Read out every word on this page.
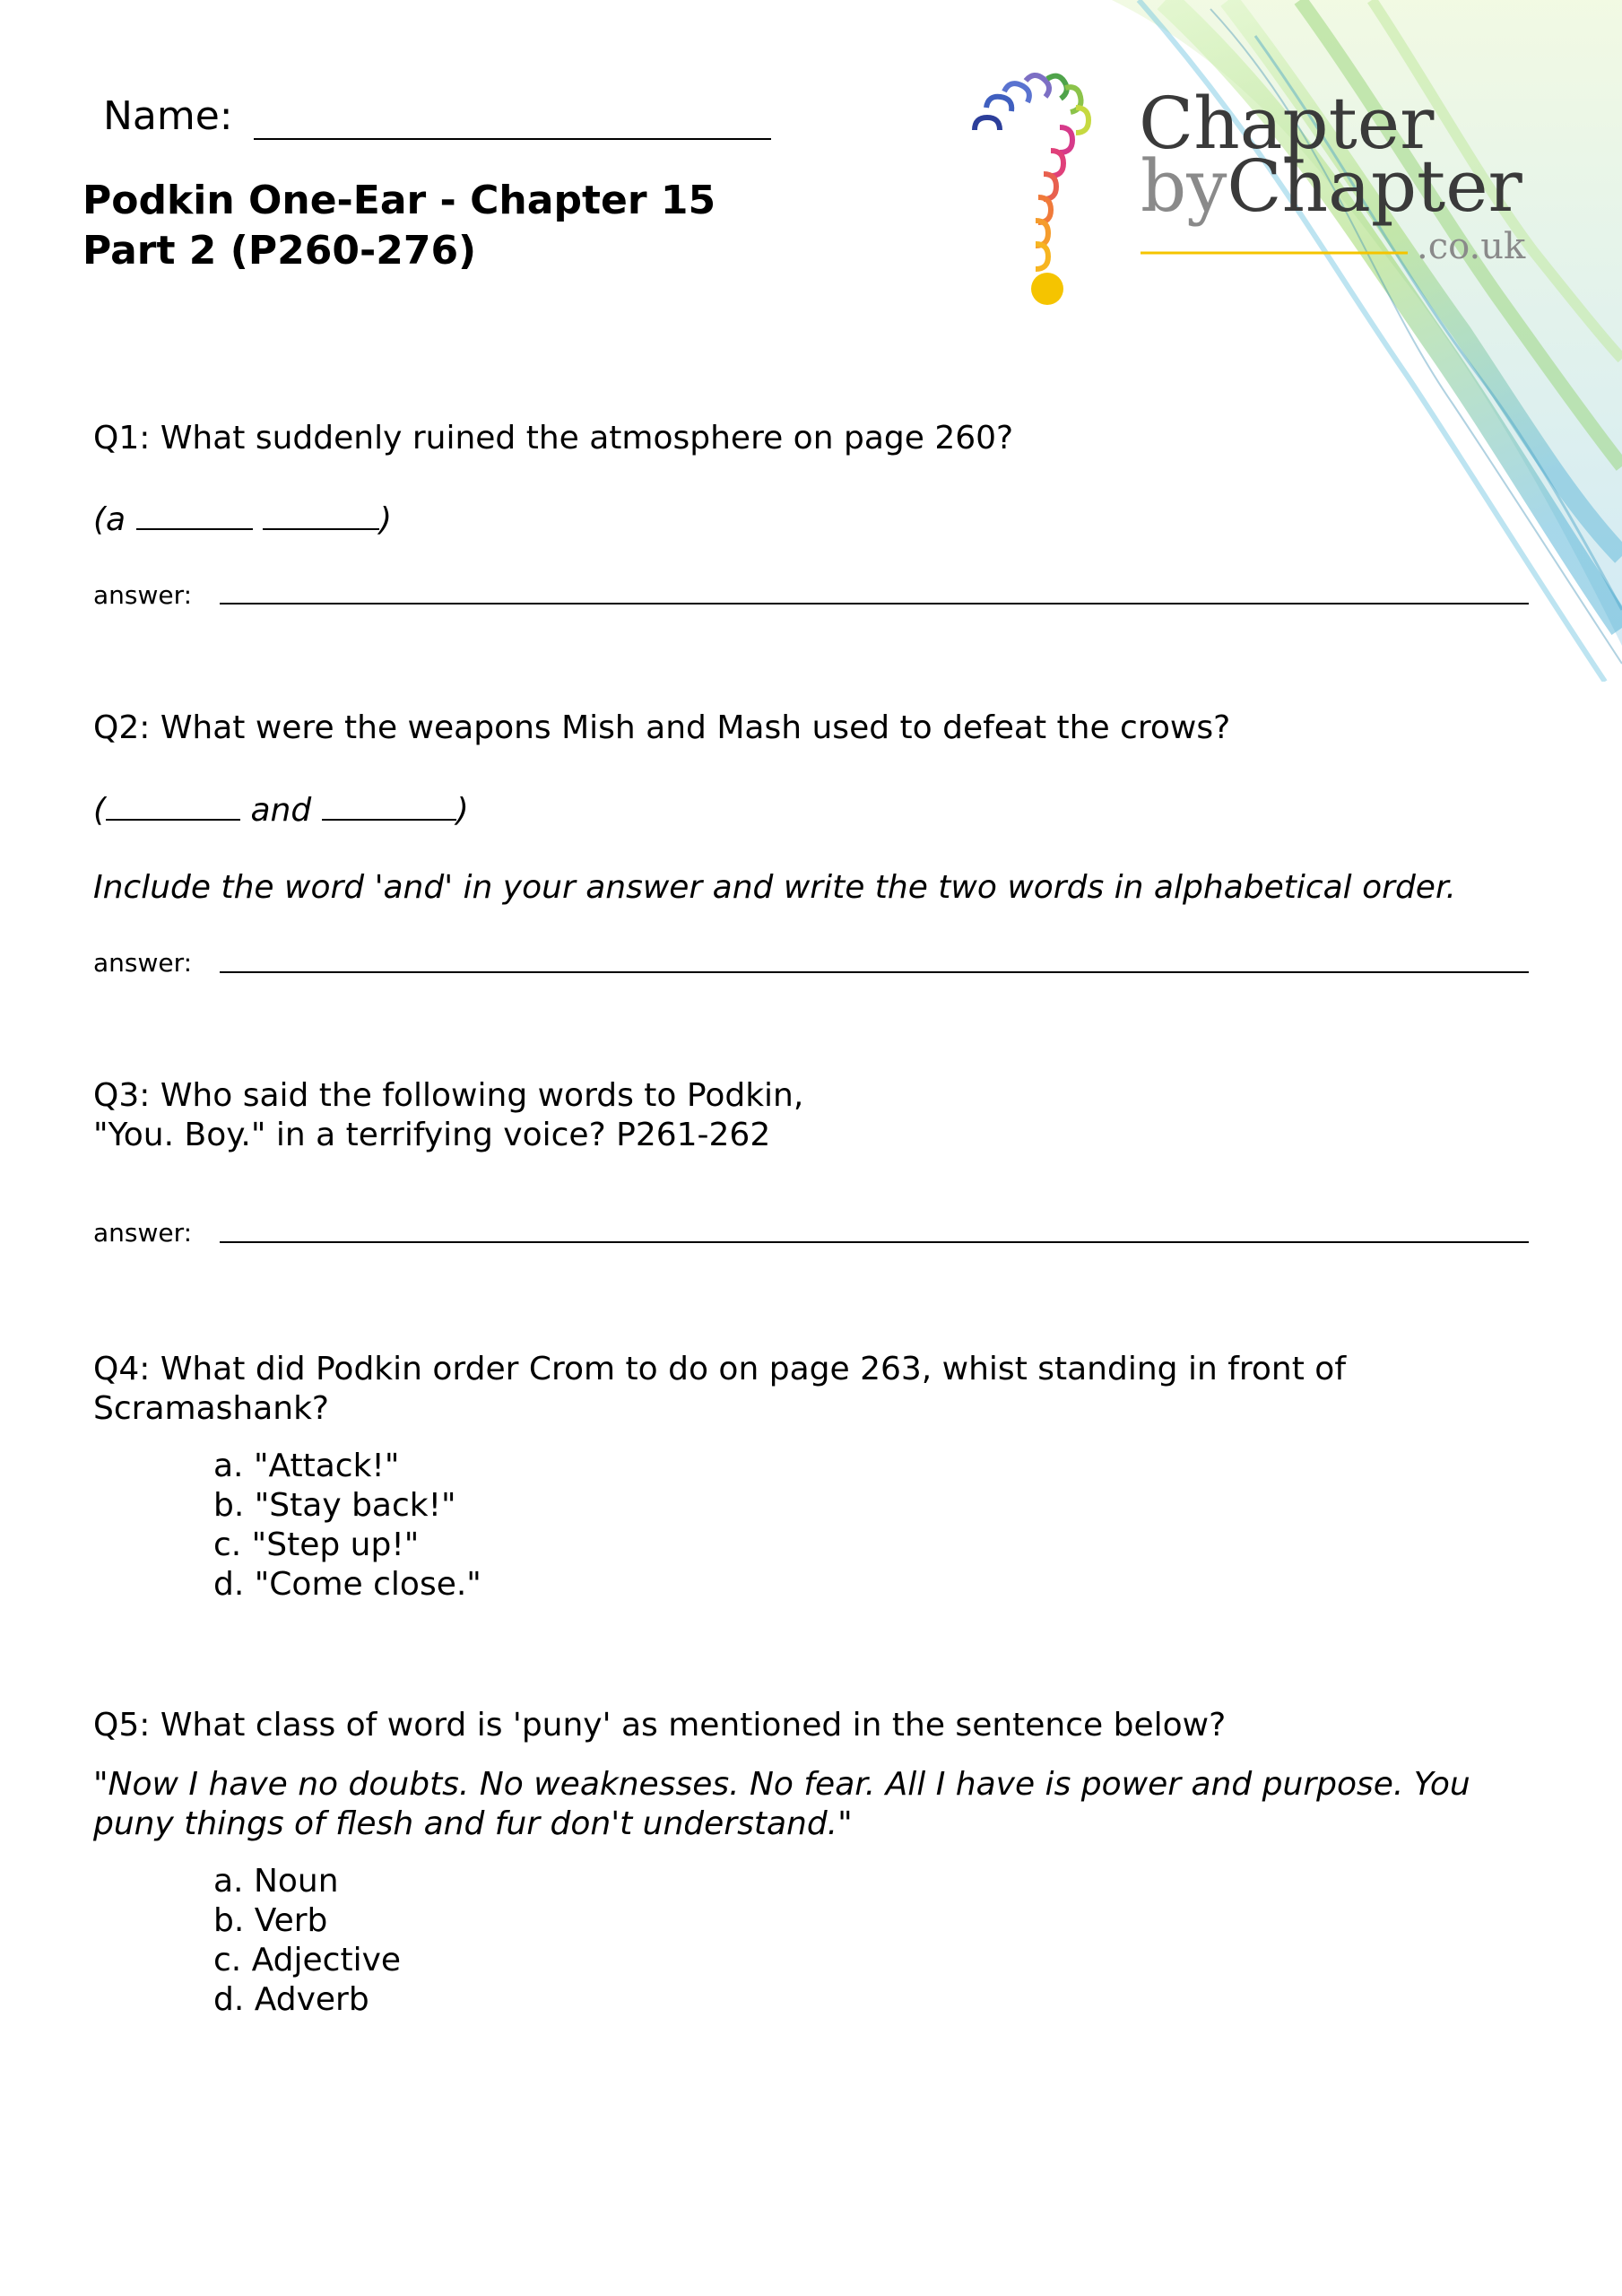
Chapter
byChapter
.co.uk
Name:
Podkin One-Ear - Chapter 15
Part 2 (P260-276)
Q1: What suddenly ruined the atmosphere on page 260?
(a	)
answer:
Q2: What were the weapons Mish and Mash used to defeat the crows?
(	and	)
Include the word 'and' in your answer and write the two words in alphabetical order.
answer:
Q3: Who said the following words to Podkin,
"You. Boy." in a terrifying voice? P261-262
answer:
Q4: What did Podkin order Crom to do on page 263, whist standing in front of
Scramashank?
a. "Attack!"
b. "Stay back!"
c. "Step up!"
d. "Come close."
Q5: What class of word is 'puny' as mentioned in the sentence below?
"Now I have no doubts. No weaknesses. No fear. All I have is power and purpose. You
puny things of flesh and fur don't understand."
a. Noun
b. Verb
c. Adjective
d. Adverb
